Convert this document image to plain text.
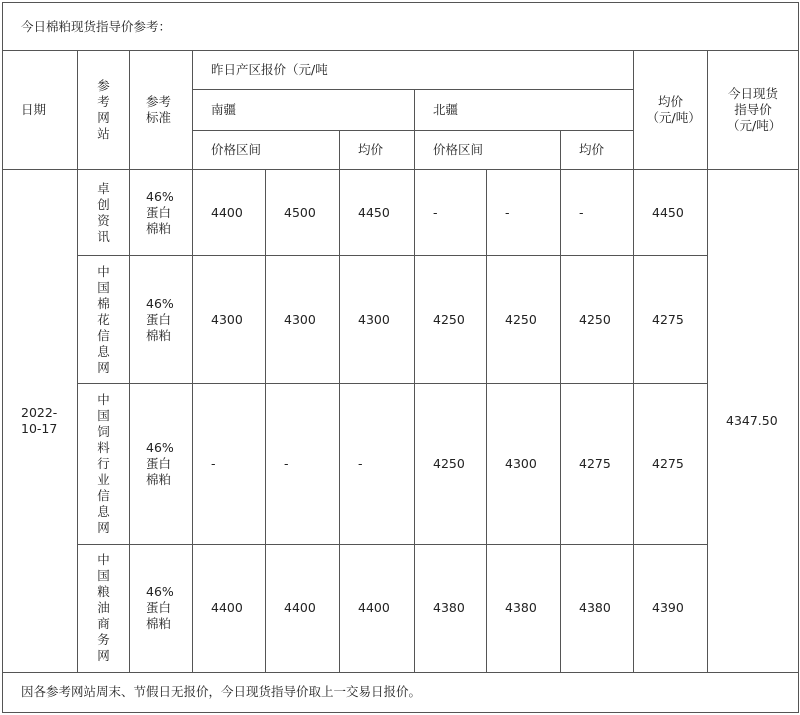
今日棉粕现货指导价参考：										
日期	参考网站	参考标准	昨日产区报价（元/吨						均价（元/吨）	今日现货指导价（元/吨）
			南疆			北疆				
			价格区间		均价	价格区间		均价		
2022-10-17	卓创资讯	46%蛋白棉粕	4400	4500	4450	-	-	-	4450	4347.50
	中国棉花信息网	46%蛋白棉粕	4300	4300	4300	4250	4250	4250	4275	
	中国饲料行业信息网	46%蛋白棉粕	-	-	-	4250	4300	4275	4275	
	中国粮油商务网	46%蛋白棉粕	4400	4400	4400	4380	4380	4380	4390	
因各参考网站周末、节假日无报价，今日现货指导价取上一交易日报价。										
